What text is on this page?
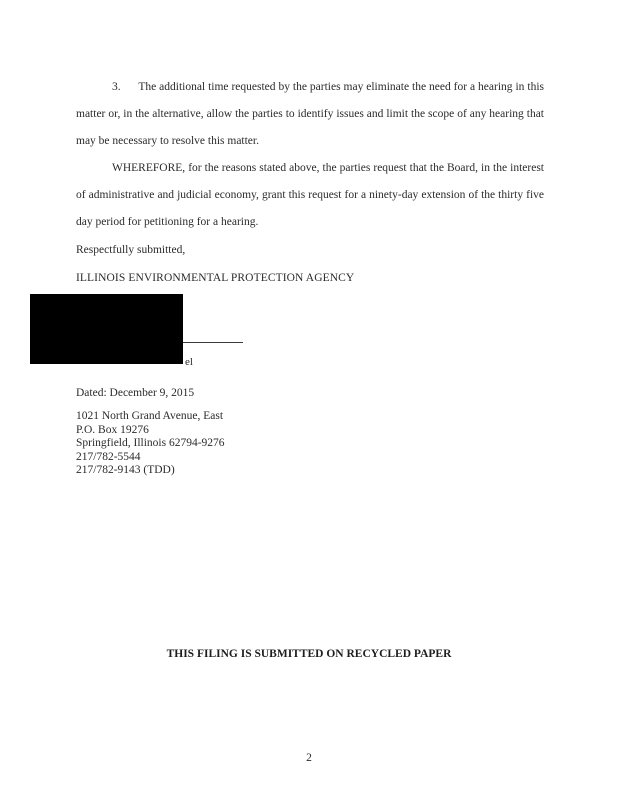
3. The additional time requested by the parties may eliminate the need for a hearing in this matter or, in the alternative, allow the parties to identify issues and limit the scope of any hearing that may be necessary to resolve this matter.

WHEREFORE, for the reasons stated above, the parties request that the Board, in the interest of administrative and judicial economy, grant this request for a ninety-day extension of the thirty five day period for petitioning for a hearing.

Respectfully submitted,

ILLINOIS ENVIRONMENTAL PROTECTION AGENCY

el

Dated: December 9, 2015

1021 North Grand Avenue, East
P.O. Box 19276
Springfield, Illinois 62794-9276
217/782-5544
217/782-9143 (TDD)

THIS FILING IS SUBMITTED ON RECYCLED PAPER

2
